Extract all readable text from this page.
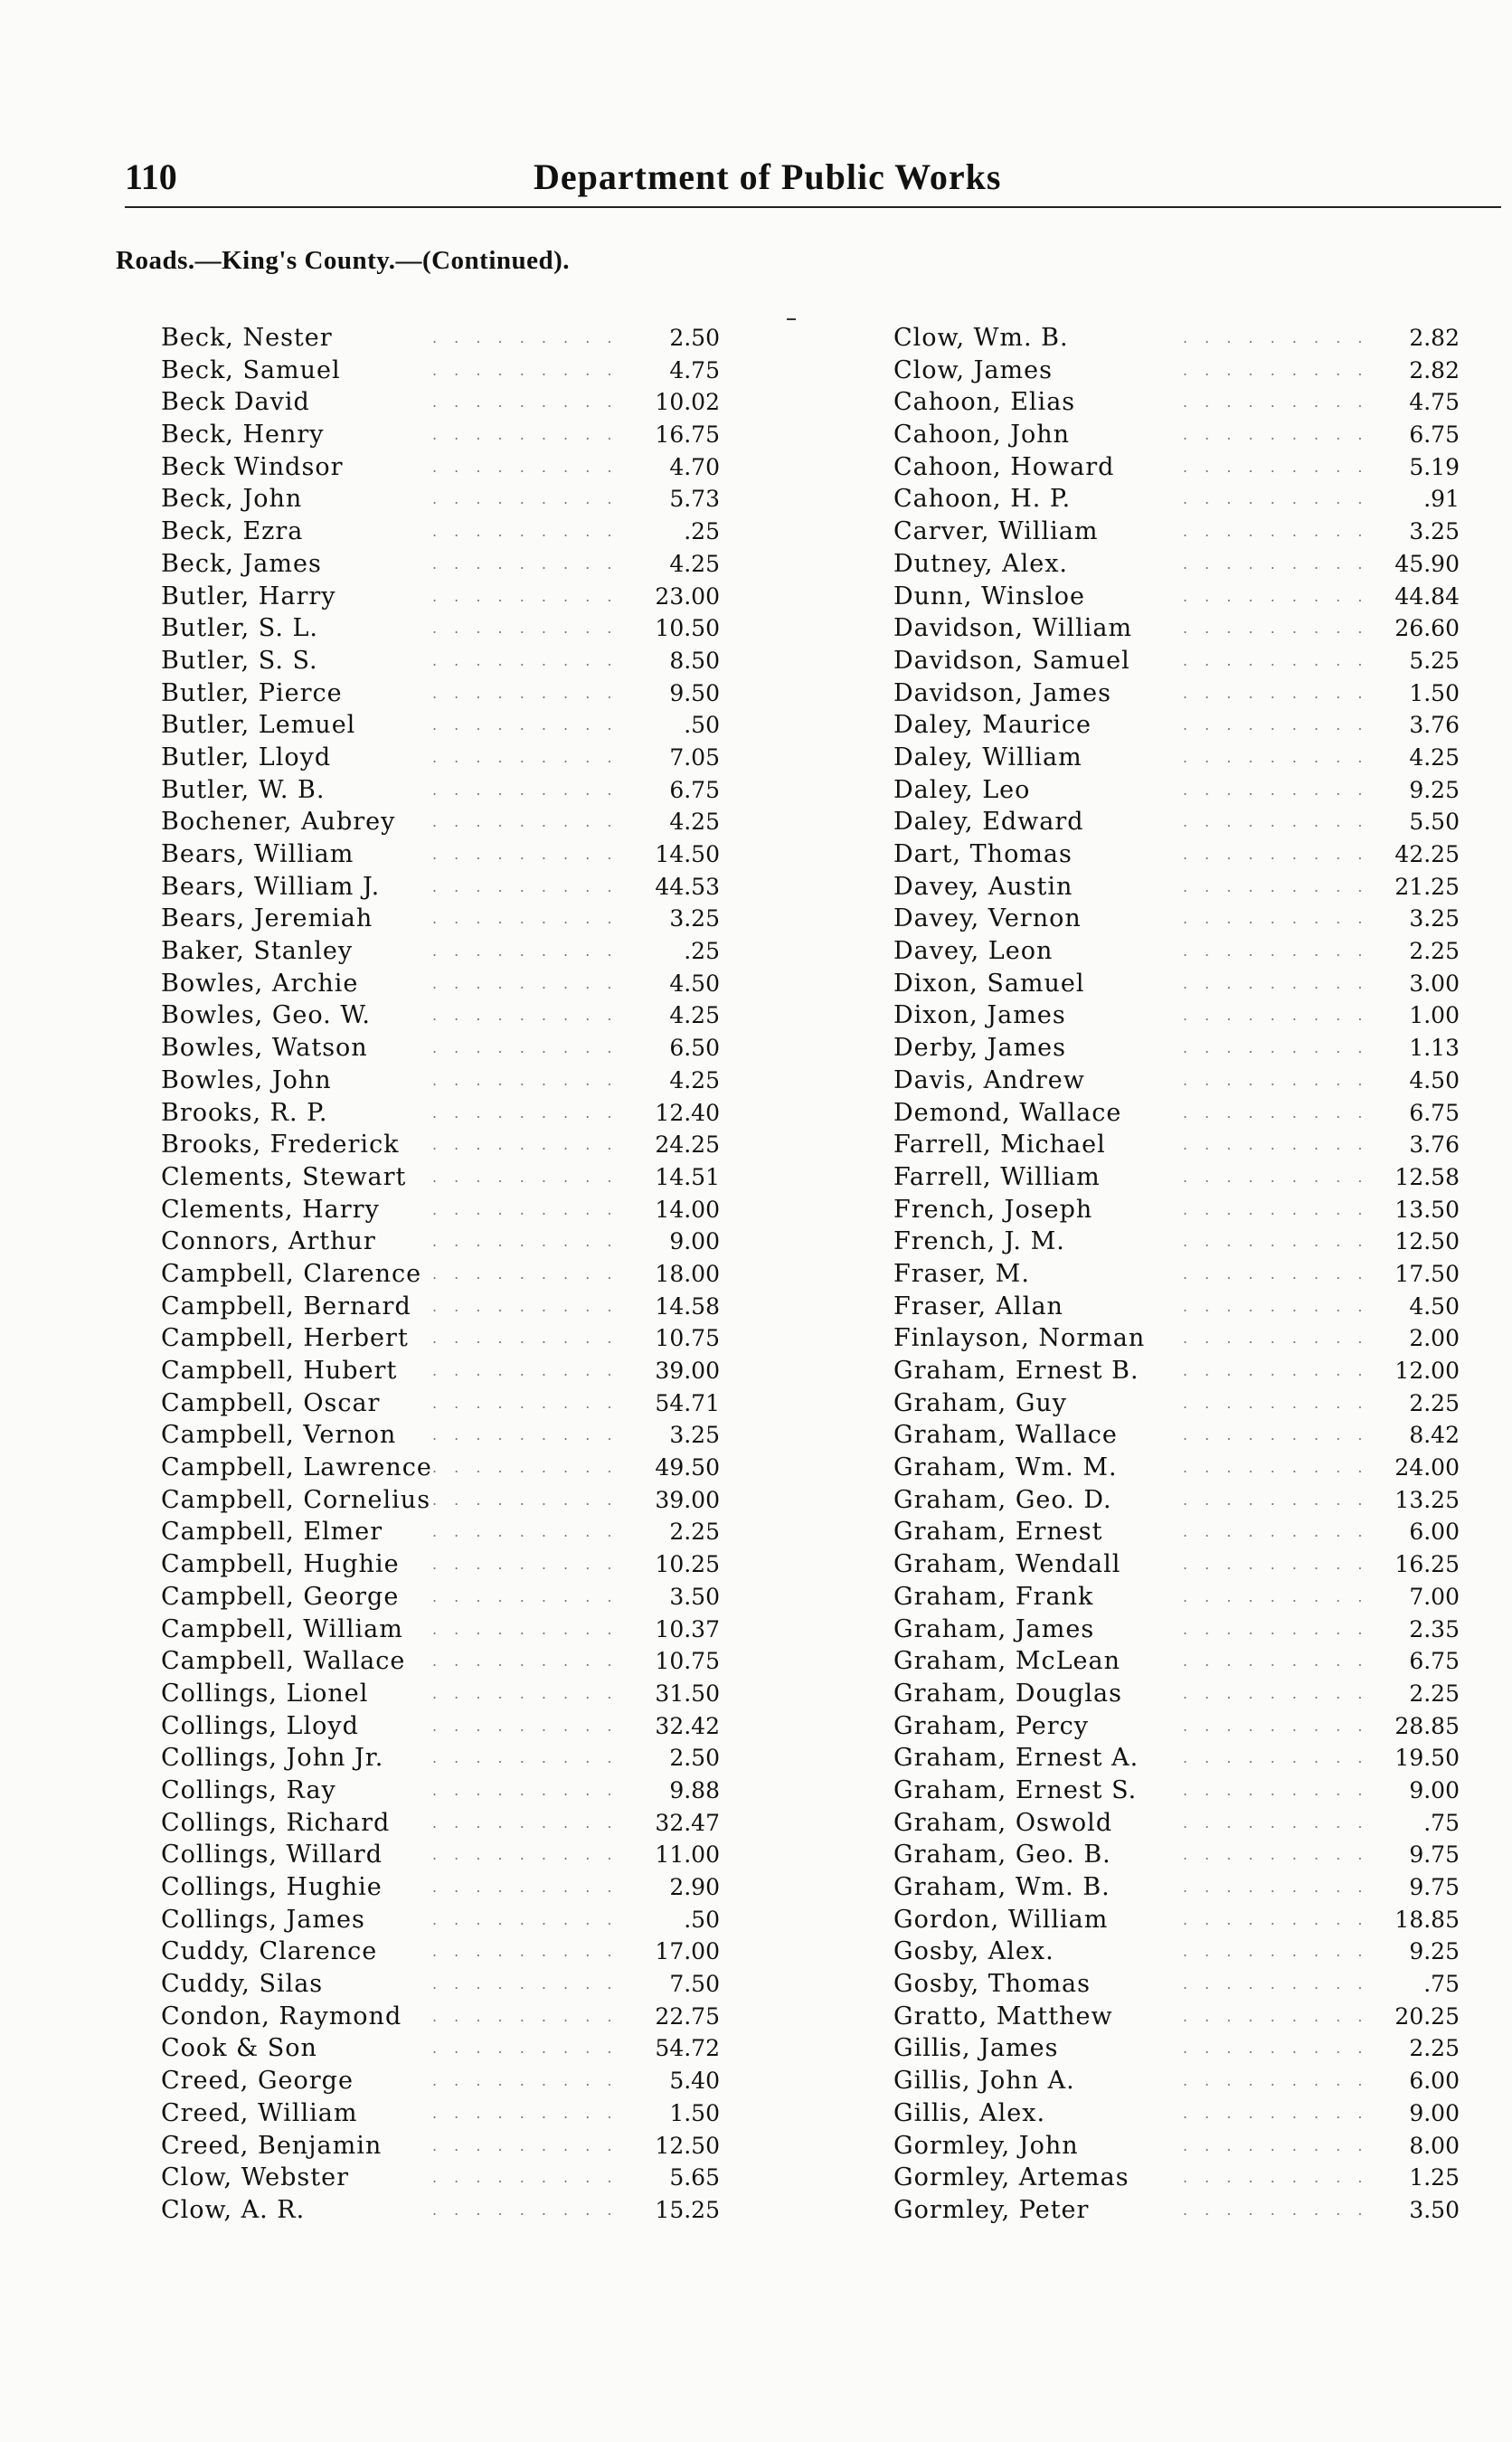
110	Department of Public Works
Roads.—King's County.—(Continued).
Beck, Nester	. . . . . . . . . 2.50
Beck, Samuel	. . . . . . . . . 4.75
Beck David	. . . . . . . . . 10.02
Beck, Henry	. . . . . . . . . 16.75
Beck Windsor	. . . . . . . . . 4.70
Beck, John	. . . . . . . . . 5.73
Beck, Ezra	. . . . . . . . .	.25
Beck, James	. . . . . . . . . 4.25
Butler, Harry	. . . . . . . . . 23.00
Butler, S. L.	. . . . . . . . . 10.50
Butler, S. S.	. . . . . . . . . 8.50
Butler, Pierce	. . . . . . . . . 9.50
Butler, Lemuel	. . . . . . . . .	.50
Butler, Lloyd	. . . . . . . . . 7.05
Butler, W. B.	. . . . . . . . . 6.75
Bochener, Aubrey	. . . . . . . . . 4.25
Bears, William	. . . . . . . . . 14.50
Bears, William J.	. . . . . . . . . 44.53
Bears, Jeremiah	. . . . . . . . . 3.25
Baker, Stanley	. . . . . . . . .	.25
Bowles, Archie	. . . . . . . . . 4.50
Bowles, Geo. W.	. . . . . . . . . 4.25
Bowles, Watson	. . . . . . . . . 6.50
Bowles, John	. . . . . . . . . 4.25
Brooks, R. P.	. . . . . . . . . 12.40
Brooks, Frederick . . . . . . . . . 24.25
Clements, Stewart . . . . . . . . . 14.51
Clements, Harry	. . . . . . . . . 14.00
Connors, Arthur	. . . . . . . . . 9.00
Campbell, Clarence . . . . . . . . . 18.00
Campbell, Bernard . . . . . . . . . 14.58
Campbell, Herbert . . . . . . . . . 10.75
Campbell, Hubert . . . . . . . . . 39.00
Campbell, Oscar	. . . . . . . . . 54.71
Campbell, Vernon . . . . . . . . . 3.25
Campbell, Lawrence . . . . . . . . . 49.50
Campbell, Cornelius . . . . . . . . . 39.00
Campbell, Elmer	. . . . . . . . . 2.25
Campbell, Hughie . . . . . . . . . 10.25
Campbell, George . . . . . . . . . 3.50
Campbell, William . . . . . . . . . 10.37
Campbell, Wallace . . . . . . . . . 10.75
Collings, Lionel	. . . . . . . . . 31.50
Collings, Lloyd	. . . . . . . . . 32.42
Collings, John Jr.	. . . . . . . . . 2.50
Collings, Ray	. . . . . . . . . 9.88
Collings, Richard	. . . . . . . . . 32.47
Collings, Willard	. . . . . . . . . 11.00
Collings, Hughie	. . . . . . . . . 2.90
Collings, James	. . . . . . . . .	.50
Cuddy, Clarence	. . . . . . . . . 17.00
Cuddy, Silas	. . . . . . . . . 7.50
Condon, Raymond . . . . . . . . . 22.75
Cook & Son	. . . . . . . . . 54.72
Creed, George	. . . . . . . . . 5.40
Creed, William	. . . . . . . . . 1.50
Creed, Benjamin	. . . . . . . . . 12.50
Clow, Webster	. . . . . . . . . 5.65
Clow, A. R.	. . . . . . . . . 15.25
Clow, Wm. B.	. . . . . . . . . 2.82
Clow, James	. . . . . . . . . 2.82
Cahoon, Elias	. . . . . . . . . 4.75
Cahoon, John	. . . . . . . . . 6.75
Cahoon, Howard	. . . . . . . . . 5.19
Cahoon, H. P.	. . . . . . . . . .91
Carver, William	. . . . . . . . . 3.25
Dutney, Alex.	. . . . . . . . . 45.90
Dunn, Winsloe	. . . . . . . . . 44.84
Davidson, William	. . . . . . . . . 26.60
Davidson, Samuel	. . . . . . . . . 5.25
Davidson, James	. . . . . . . . . 1.50
Daley, Maurice	. . . . . . . . . 3.76
Daley, William	. . . . . . . . . 4.25
Daley, Leo	. . . . . . . . . 9.25
Daley, Edward	. . . . . . . . . 5.50
Dart, Thomas	. . . . . . . . . 42.25
Davey, Austin	. . . . . . . . . 21.25
Davey, Vernon	. . . . . . . . . 3.25
Davey, Leon	. . . . . . . . . 2.25
Dixon, Samuel	. . . . . . . . . 3.00
Dixon, James	. . . . . . . . . 1.00
Derby, James	. . . . . . . . . 1.13
Davis, Andrew	. . . . . . . . . 4.50
Demond, Wallace	. . . . . . . . . 6.75
Farrell, Michael	. . . . . . . . . 3.76
Farrell, William	. . . . . . . . . 12.58
French, Joseph	. . . . . . . . . 13.50
French, J. M.	. . . . . . . . . 12.50
Fraser, M.	. . . . . . . . . 17.50
Fraser, Allan	. . . . . . . . . 4.50
Finlayson, Norman	. . . . . . . . . 2.00
Graham, Ernest B.	. . . . . . . . . 12.00
Graham, Guy	. . . . . . . . . 2.25
Graham, Wallace	. . . . . . . . . 8.42
Graham, Wm. M.	. . . . . . . . . 24.00
Graham, Geo. D.	. . . . . . . . . 13.25
Graham, Ernest	. . . . . . . . . 6.00
Graham, Wendall	. . . . . . . . . 16.25
Graham, Frank	. . . . . . . . . 7.00
Graham, James	. . . . . . . . . 2.35
Graham, McLean	. . . . . . . . . 6.75
Graham, Douglas	. . . . . . . . . 2.25
Graham, Percy	. . . . . . . . . 28.85
Graham, Ernest A.	. . . . . . . . . 19.50
Graham, Ernest S.	. . . . . . . . . 9.00
Graham, Oswold	. . . . . . . . . .75
Graham, Geo. B.	. . . . . . . . . 9.75
Graham, Wm. B.	. . . . . . . . . 9.75
Gordon, William	. . . . . . . . . 18.85
Gosby, Alex.	. . . . . . . . . 9.25
Gosby, Thomas	. . . . . . . . . .75
Gratto, Matthew	. . . . . . . . . 20.25
Gillis, James	. . . . . . . . . 2.25
Gillis, John A.	. . . . . . . . . 6.00
Gillis, Alex.	. . . . . . . . . 9.00
Gormley, John	. . . . . . . . . 8.00
Gormley, Artemas	. . . . . . . . . 1.25
Gormley, Peter	. . . . . . . . . 3.50
